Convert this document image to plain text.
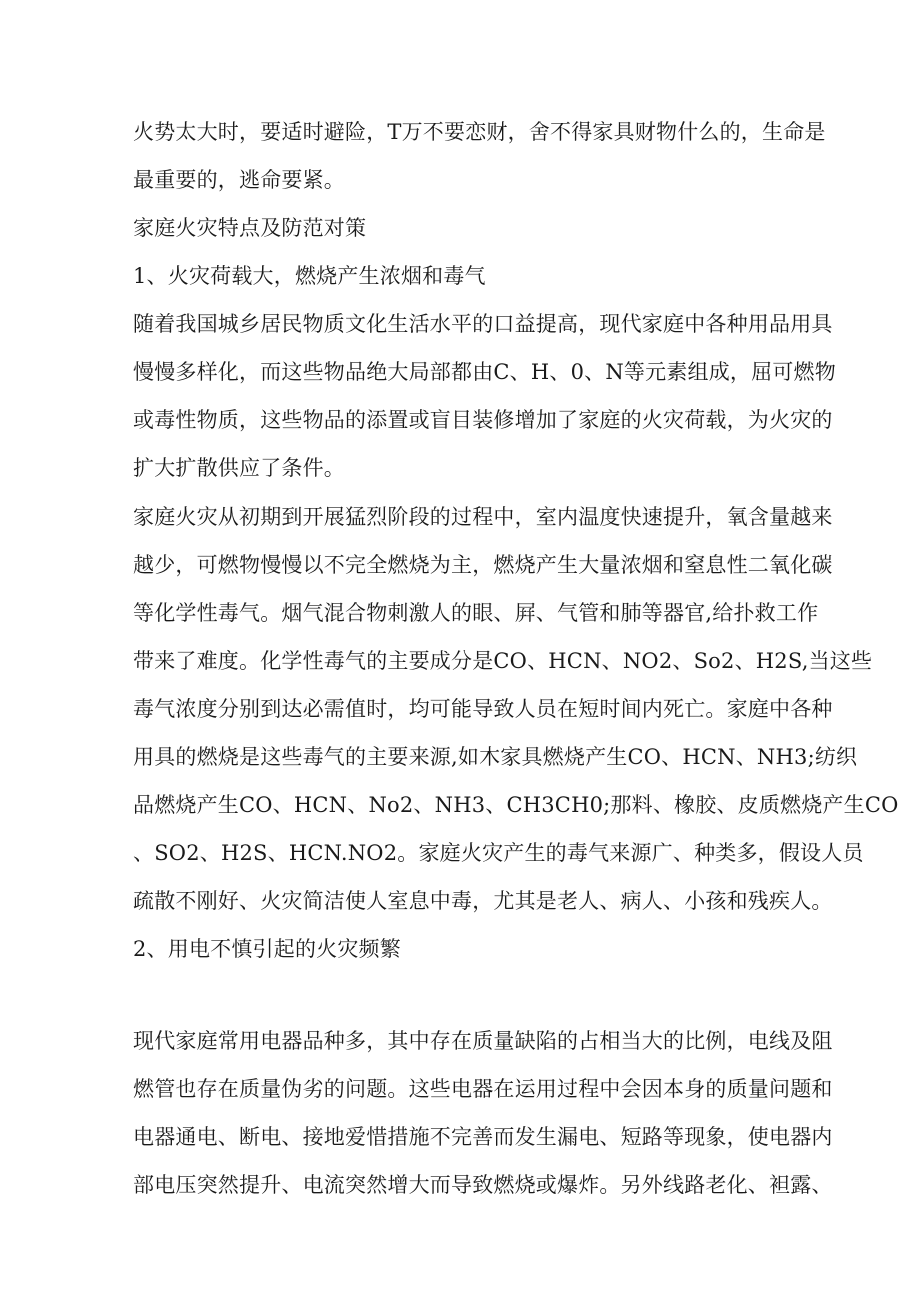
火势太大时，要适时避险，T万不要恋财，舍不得家具财物什么的，生命是
最重要的，逃命要紧。
家庭火灾特点及防范对策
1、火灾荷载大，燃烧产生浓烟和毒气
随着我国城乡居民物质文化生活水平的口益提高，现代家庭中各种用品用具
慢慢多样化，而这些物品绝大局部都由C、H、0、N等元素组成，屈可燃物
或毒性物质，这些物品的添置或盲目装修增加了家庭的火灾荷载，为火灾的
扩大扩散供应了条件。
家庭火灾从初期到开展猛烈阶段的过程中，室内温度快速提升，氧含量越来
越少，可燃物慢慢以不完全燃烧为主，燃烧产生大量浓烟和窒息性二氧化碳
等化学性毒气。烟气混合物刺激人的眼、屛、气管和肺等器官,给扑救工作
带来了难度。化学性毒气的主要成分是CO、HCN、NO2、So2、H2S,当这些
毒气浓度分别到达必需值时，均可能导致人员在短时间内死亡。家庭中各种
用具的燃烧是这些毒气的主要来源,如木家具燃烧产生CO、HCN、NH3;纺织
品燃烧产生CO、HCN、No2、NH3、CH3CH0;那料、橡胶、皮质燃烧产生CO
、SO2、H2S、HCN.NO2。家庭火灾产生的毒气来源广、种类多，假设人员
疏散不刚好、火灾简洁使人室息中毒，尤其是老人、病人、小孩和残疾人。
2、用电不慎引起的火灾频繁
现代家庭常用电器品种多，其中存在质量缺陷的占相当大的比例，电线及阻
燃管也存在质量伪劣的问题。这些电器在运用过程中会因本身的质量问题和
电器通电、断电、接地爱惜措施不完善而发生漏电、短路等现象，使电器内
部电压突然提升、电流突然增大而导致燃烧或爆炸。另外线路老化、袒露、
